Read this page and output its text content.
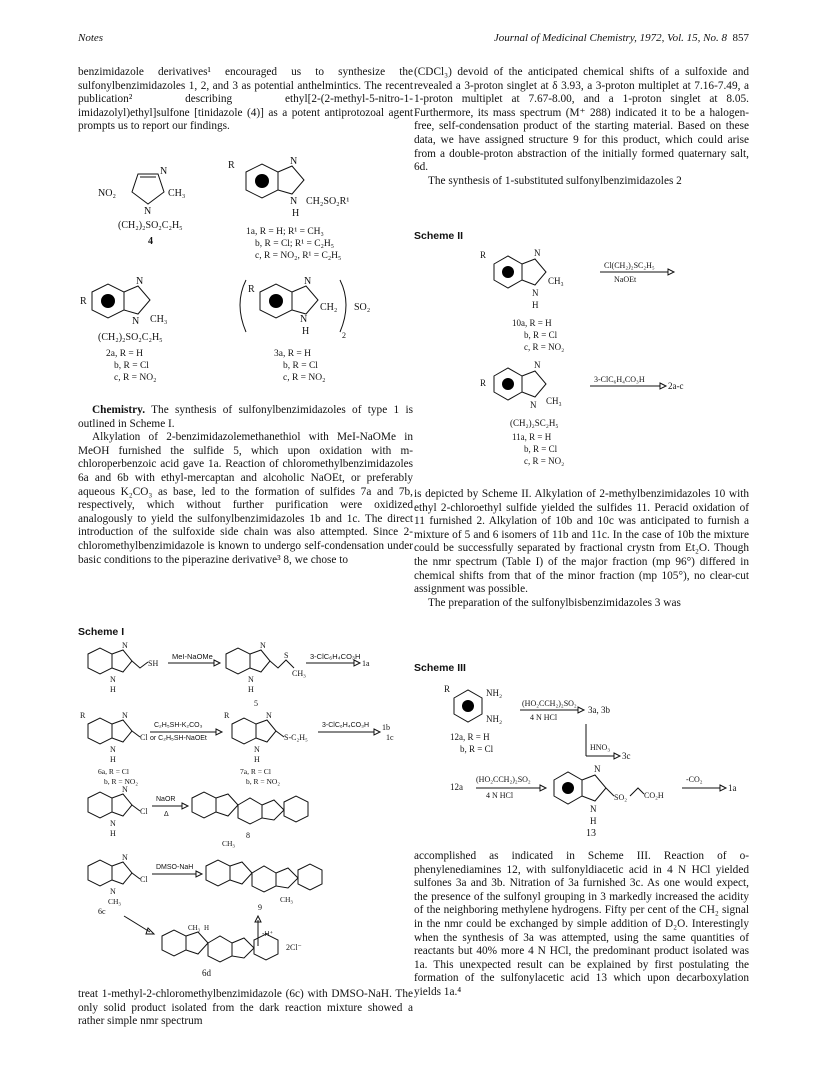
Notes	Journal of Medicinal Chemistry, 1972, Vol. 15, No. 8 857

benzimidazole derivatives¹ encouraged us to synthesize the sulfonylbenzimidazoles 1, 2, and 3 as potential anthelmintics. The recent publication² describing ethyl[2-(2-methyl-5-nitro-1-imidazolyl)ethyl]sulfone [tinidazole (4)] as a potent antiprotozoal agent prompts us to report our findings.

N
NO₂	CH₃
N
(CH₂)₂SO₂C₂H₅
4
R	N
N CH₂SO₂R¹
H
1a, R = H; R¹ = CH₃
b, R = Cl; R¹ = C₂H₅
c, R = NO₂, R¹ = C₂H₅
R
N
N CH₃
(CH₂)₂SO₂C₂H₅
2a, R = H
b, R = Cl
c, R = NO₂
R
N
N
CH₂
H	2
SO₂
3a, R = H
b, R = Cl
c, R = NO₂

Chemistry. The synthesis of sulfonylbenzimidazoles of type 1 is outlined in Scheme I.

Alkylation of 2-benzimidazolemethanethiol with MeI-NaOMe in MeOH furnished the sulfide 5, which upon oxidation with m-chloroperbenzoic acid gave 1a. Reaction of chloromethylbenzimidazoles 6a and 6b with ethyl-mercaptan and alcoholic NaOEt, or preferably aqueous K₂CO₃ as base, led to the formation of sulfides 7a and 7b, respectively, which without further purification were oxidized analogously to yield the sulfonylbenzimidazoles 1b and 1c. The direct introduction of the sulfoxide side chain was also attempted. Since 2-chloromethylbenzimidazole is known to undergo self-condensation under basic conditions to the piperazine derivative³ 8, we chose to

Scheme I
N
N
H
SH
MeI-NaOMe
N
N
H
S
CH₃
3-ClC₆H₄CO₃H
1a
5
R	N
N
H
Cl
C₂H₅SH-K₂CO₃
or C₂H₅SH-NaOEt
R	N
N
H
S-C₂H₅
3-ClC₆H₄CO₃H 1b
1c
6a, R = Cl
b, R = NO₂
7a, R = Cl
b, R = NO₂
N
N
H
Cl
NaOR
Δ
8
CH₃
N
N
CH₃
Cl
DMSO-NaH
CH₃
6c	9
-H⁺
CH₃ H
2Cl⁻
6d

treat 1-methyl-2-chloromethylbenzimidazole (6c) with DMSO-NaH. The only solid product isolated from the dark reaction mixture showed a rather simple nmr spectrum

(CDCl₃) devoid of the anticipated chemical shifts of a sulfoxide and revealed a 3-proton singlet at δ 3.93, a 3-proton multiplet at 7.16-7.49, a 1-proton multiplet at 7.67-8.00, and a 1-proton singlet at 8.05. Furthermore, its mass spectrum (M⁺ 288) indicated it to be a halogen-free, self-condensation product of the starting material. Based on these data, we have assigned structure 9 for this product, which could arise from a double-proton abstraction of the initially formed quaternary salt, 6d.

The synthesis of 1-substituted sulfonylbenzimidazoles 2

Scheme II
R	N
N
H
CH₃
Cl(CH₂)₂SC₂H₅
NaOEt
10a, R = H
b, R = Cl
c, R = NO₂
R
N
N CH₃
(CH₂)₂SC₂H₅
3-ClC₆H₄CO₃H
2a-c
11a, R = H
b, R = Cl
c, R = NO₂

is depicted by Scheme II. Alkylation of 2-methylbenzimidazoles 10 with ethyl 2-chloroethyl sulfide yielded the sulfides 11. Peracid oxidation of 11 furnished 2. Alkylation of 10b and 10c was anticipated to furnish a mixture of 5 and 6 isomers of 11b and 11c. In the case of 10b the mixture could be successfully separated by fractional crystn from Et₂O. Though the nmr spectrum (Table I) of the major fraction (mp 96°) differed in chemical shifts from that of the minor fraction (mp 105°), no clear-cut assignment was possible.

The preparation of the sulfonylbisbenzimidazoles 3 was

Scheme III
R	NH₂
NH₂
(HO₂CCH₂)₂SO₂
4 N HCl
3a, 3b
12a, R = H
b, R = Cl	HNO₃
3c
12a
(HO₂CCH₂)₂SO₂
4 N HCl
N
N
H
SO₂ CO₂H
-CO₂
1a
13

accomplished as indicated in Scheme III. Reaction of o-phenylenediamines 12, with sulfonyldiacetic acid in 4 N HCl yielded sulfones 3a and 3b. Nitration of 3a furnished 3c. As one would expect, the presence of the sulfonyl grouping in 3 markedly increased the acidity of the neighboring methylene hydrogens. Fifty per cent of the CH₂ signal in the nmr could be exchanged by simple addition of D₂O. Interestingly when the synthesis of 3a was attempted, using the same quantities of reactants but 40% more 4 N HCl, the predominant product isolated was 1a. This unexpected result can be explained by first postulating the formation of the sulfonylacetic acid 13 which upon decarboxylation yields 1a.⁴
